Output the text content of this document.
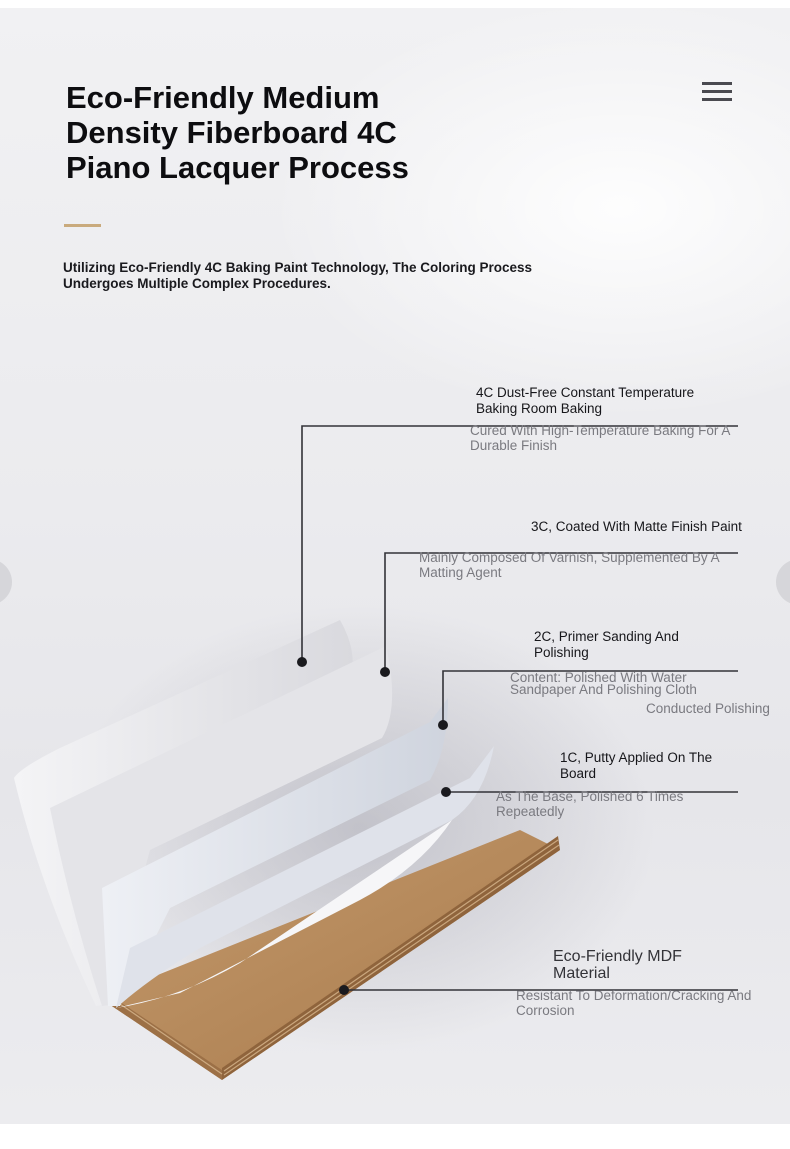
Eco-Friendly Medium Density Fiberboard 4C Piano Lacquer Process

Utilizing Eco-Friendly 4C Baking Paint Technology, The Coloring Process Undergoes Multiple Complex Procedures.

4C Dust-Free Constant Temperature Baking Room Baking

Cured With High-Temperature Baking For A Durable Finish

3C, Coated With Matte Finish Paint

Mainly Composed Of Varnish, Supplemented By A Matting Agent

2C, Primer Sanding And Polishing

Content: Polished With Water Sandpaper And Polishing Cloth

Conducted Polishing

1C, Putty Applied On The Board

As The Base, Polished 6 Times Repeatedly

Eco-Friendly MDF Material

Resistant To Deformation/Cracking And Corrosion
